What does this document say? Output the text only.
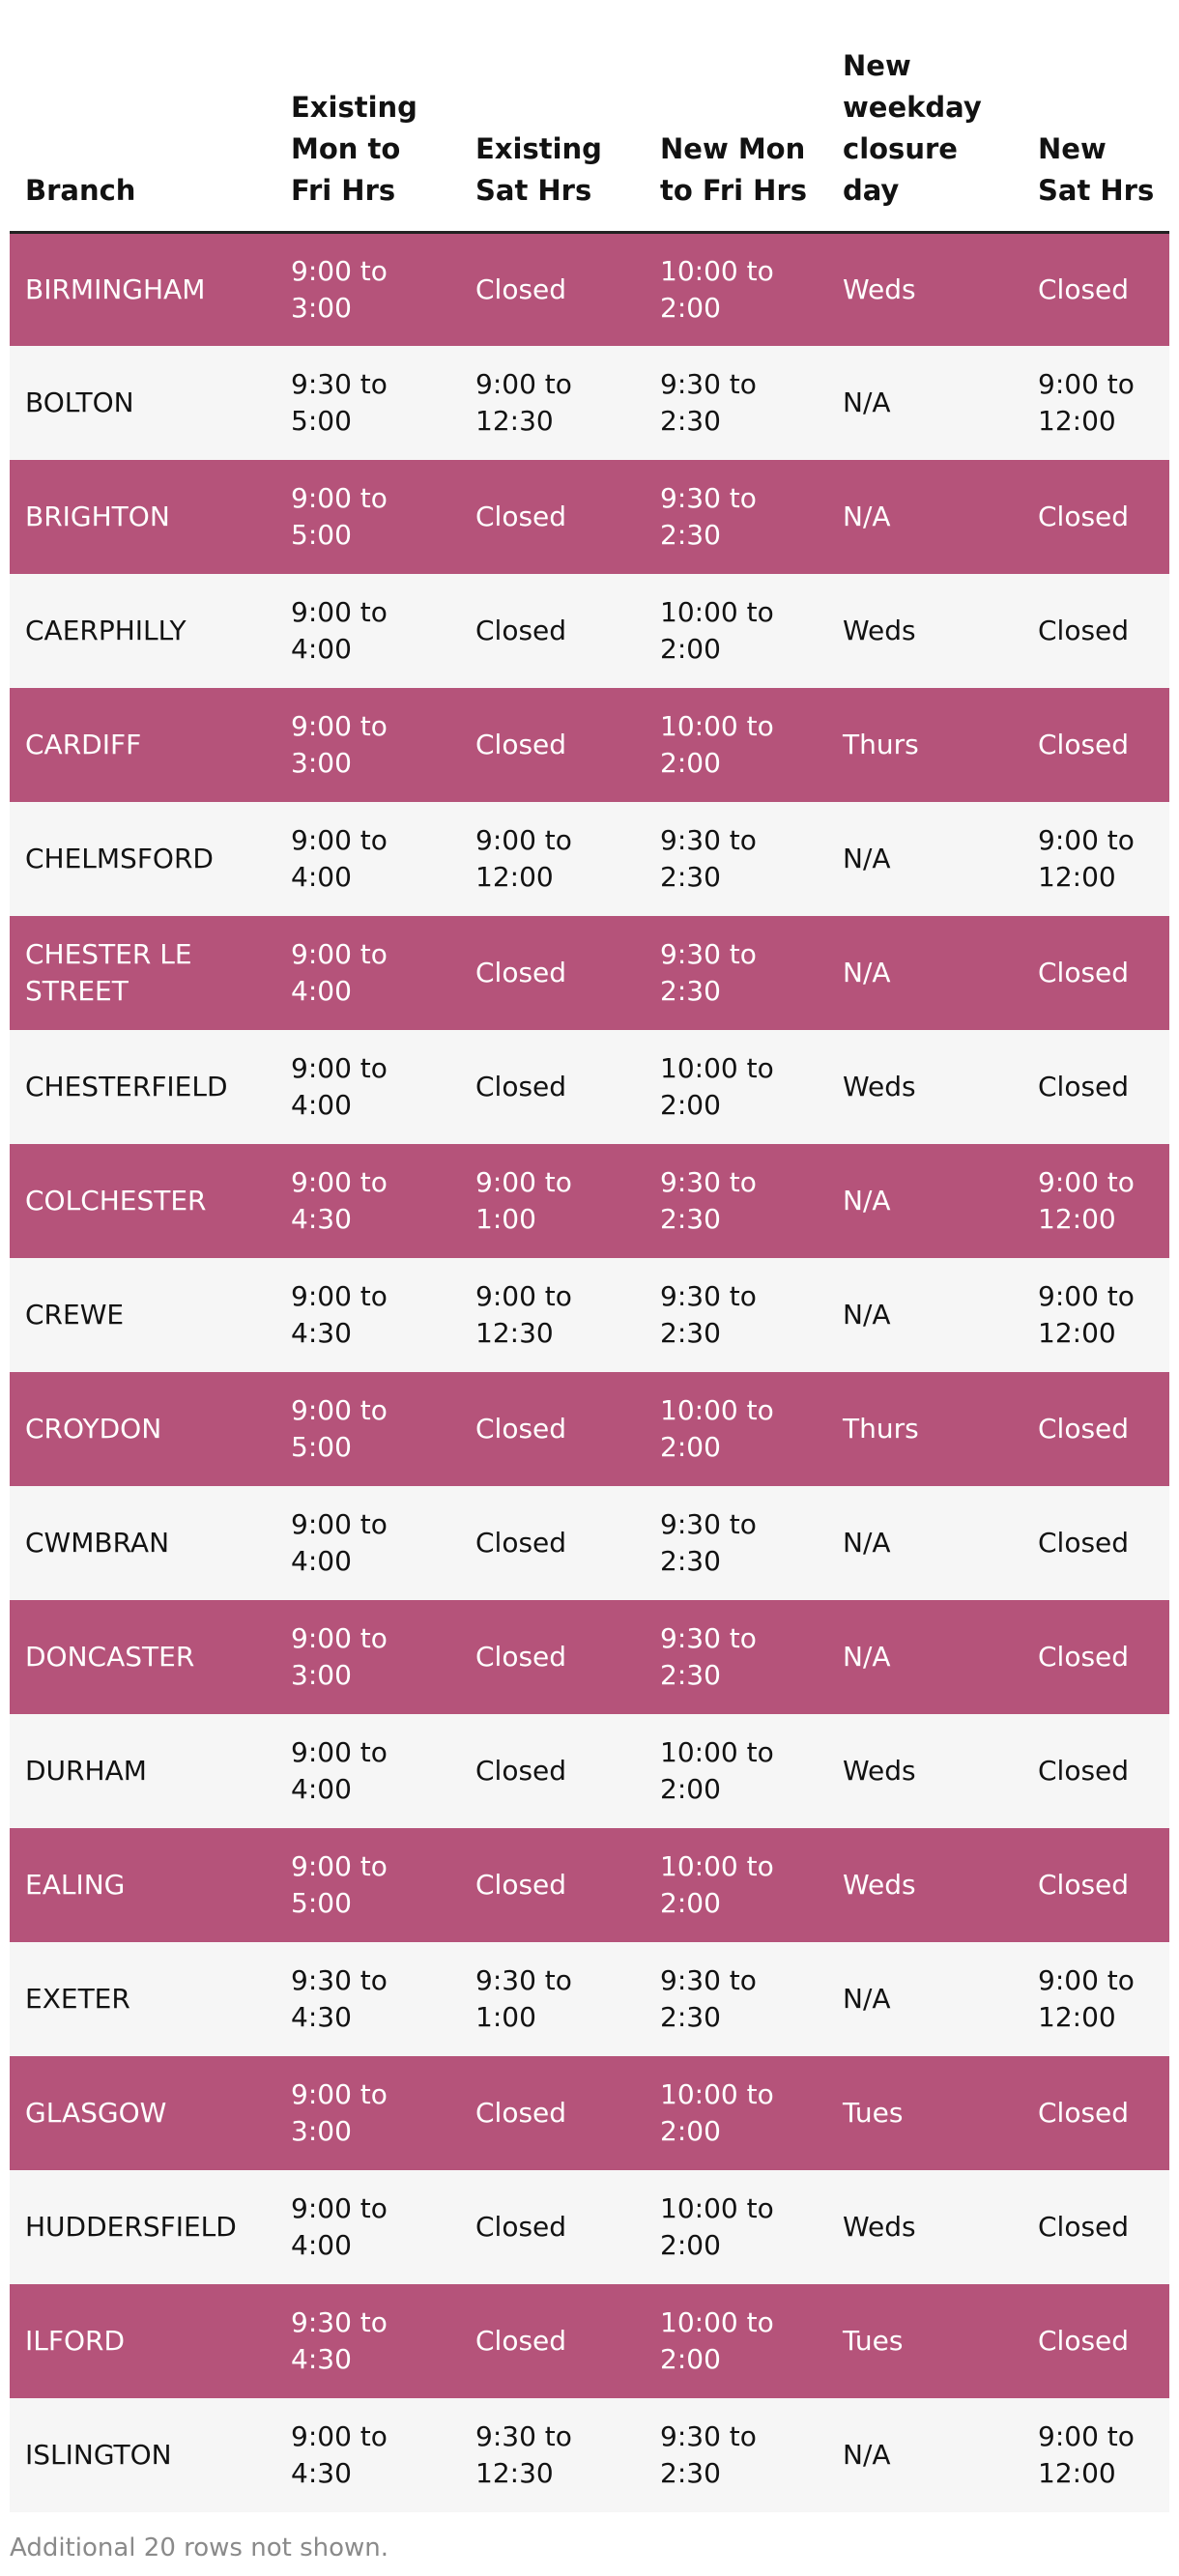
Branch	Existing Mon to Fri Hrs	Existing Sat Hrs	New Mon to Fri Hrs	New weekday closure day	New Sat Hrs
BIRMINGHAM	9:00 to 3:00	Closed	10:00 to 2:00	Weds	Closed
BOLTON	9:30 to 5:00	9:00 to 12:30	9:30 to 2:30	N/A	9:00 to 12:00
BRIGHTON	9:00 to 5:00	Closed	9:30 to 2:30	N/A	Closed
CAERPHILLY	9:00 to 4:00	Closed	10:00 to 2:00	Weds	Closed
CARDIFF	9:00 to 3:00	Closed	10:00 to 2:00	Thurs	Closed
CHELMSFORD	9:00 to 4:00	9:00 to 12:00	9:30 to 2:30	N/A	9:00 to 12:00
CHESTER LE STREET	9:00 to 4:00	Closed	9:30 to 2:30	N/A	Closed
CHESTERFIELD	9:00 to 4:00	Closed	10:00 to 2:00	Weds	Closed
COLCHESTER	9:00 to 4:30	9:00 to 1:00	9:30 to 2:30	N/A	9:00 to 12:00
CREWE	9:00 to 4:30	9:00 to 12:30	9:30 to 2:30	N/A	9:00 to 12:00
CROYDON	9:00 to 5:00	Closed	10:00 to 2:00	Thurs	Closed
CWMBRAN	9:00 to 4:00	Closed	9:30 to 2:30	N/A	Closed
DONCASTER	9:00 to 3:00	Closed	9:30 to 2:30	N/A	Closed
DURHAM	9:00 to 4:00	Closed	10:00 to 2:00	Weds	Closed
EALING	9:00 to 5:00	Closed	10:00 to 2:00	Weds	Closed
EXETER	9:30 to 4:30	9:30 to 1:00	9:30 to 2:30	N/A	9:00 to 12:00
GLASGOW	9:00 to 3:00	Closed	10:00 to 2:00	Tues	Closed
HUDDERSFIELD	9:00 to 4:00	Closed	10:00 to 2:00	Weds	Closed
ILFORD	9:30 to 4:30	Closed	10:00 to 2:00	Tues	Closed
ISLINGTON	9:00 to 4:30	9:30 to 12:30	9:30 to 2:30	N/A	9:00 to 12:00
Additional 20 rows not shown.
